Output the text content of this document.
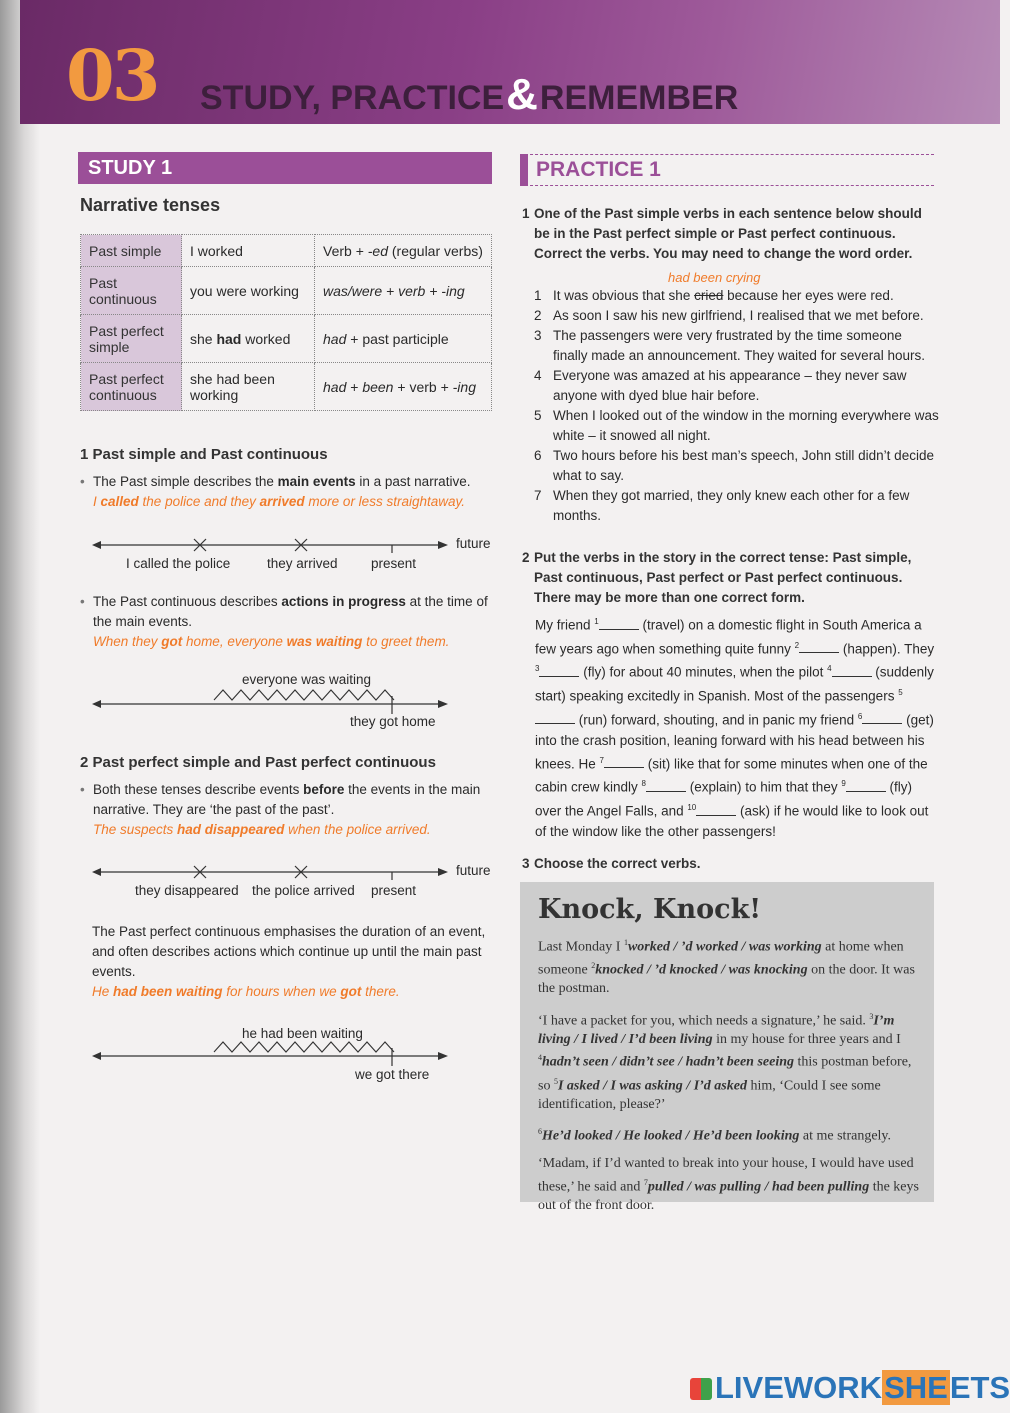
03 STUDY, PRACTICE&REMEMBER
STUDY 1
Narrative tenses
Past simple	I worked	Verb + -ed (regular verbs)
Past continuous	you were working	was/were + verb + -ing
Past perfect simple	she had worked	had + past participle
Past perfect continuous	she had been working	had + been + verb + -ing
1 Past simple and Past continuous
• The Past simple describes the main events in a past narrative.
I called the police and they arrived more or less straightaway.
future
I called the police	they arrived present
• The Past continuous describes actions in progress at the time of the main events.
When they got home, everyone was waiting to greet them.
everyone was waiting
they got home
2 Past perfect simple and Past perfect continuous
• Both these tenses describe events before the events in the main narrative. They are ‘the past of the past’.
The suspects had disappeared when the police arrived.
future
they disappeared the police arrived present
The Past perfect continuous emphasises the duration of an event, and often describes actions which continue up until the main past events.
He had been waiting for hours when we got there.
he had been waiting
we got there
PRACTICE 1
1 One of the Past simple verbs in each sentence below should be in the Past perfect simple or Past perfect continuous. Correct the verbs. You may need to change the word order.
had been crying
1 It was obvious that she cried because her eyes were red.
2 As soon I saw his new girlfriend, I realised that we met before.
3 The passengers were very frustrated by the time someone finally made an announcement. They waited for several hours.
4 Everyone was amazed at his appearance – they never saw anyone with dyed blue hair before.
5 When I looked out of the window in the morning everywhere was white – it snowed all night.
6 Two hours before his best man’s speech, John still didn’t decide what to say.
7 When they got married, they only knew each other for a few months.
2 Put the verbs in the story in the correct tense: Past simple, Past continuous, Past perfect or Past perfect continuous. There may be more than one correct form.
My friend $^1$	(travel) on a domestic flight in South America a few years ago when something quite funny $^2$	(happen). They $^3$	(fly) for about 40 minutes, when the pilot $^4$	(suddenly start) speaking excitedly in Spanish. Most of the passengers $^5$ (run) forward, shouting, and in panic my friend $^6$	(get) into the crash position, leaning forward with his head between his knees. He $^7$	(sit) like that for some minutes when one of the cabin crew kindly $^8$	(explain) to him that they $^9$	(fly) over the Angel Falls, and $^{10}$	(ask) if he would like to look out of the window like the other passengers!
3 Choose the correct verbs.
Knock, Knock!

Last Monday I $^1$worked / ’d worked / was working at home when someone $^2$knocked / ’d knocked / was knocking on the door. It was the postman.

‘I have a packet for you, which needs a signature,’ he said. $^3$I’m living / I lived / I’d been living in my house for three years and I $^4$hadn’t seen / didn’t see / hadn’t been seeing this postman before, so $^5$I asked / I was asking / I’d asked him, ‘Could I see some identification, please?’

$^6$He’d looked / He looked / He’d been looking at me strangely.

‘Madam, if I’d wanted to break into your house, I would have used these,’ he said and $^7$pulled / was pulling / had been pulling the keys out of the front door.

LIVEWORKSHEETS
